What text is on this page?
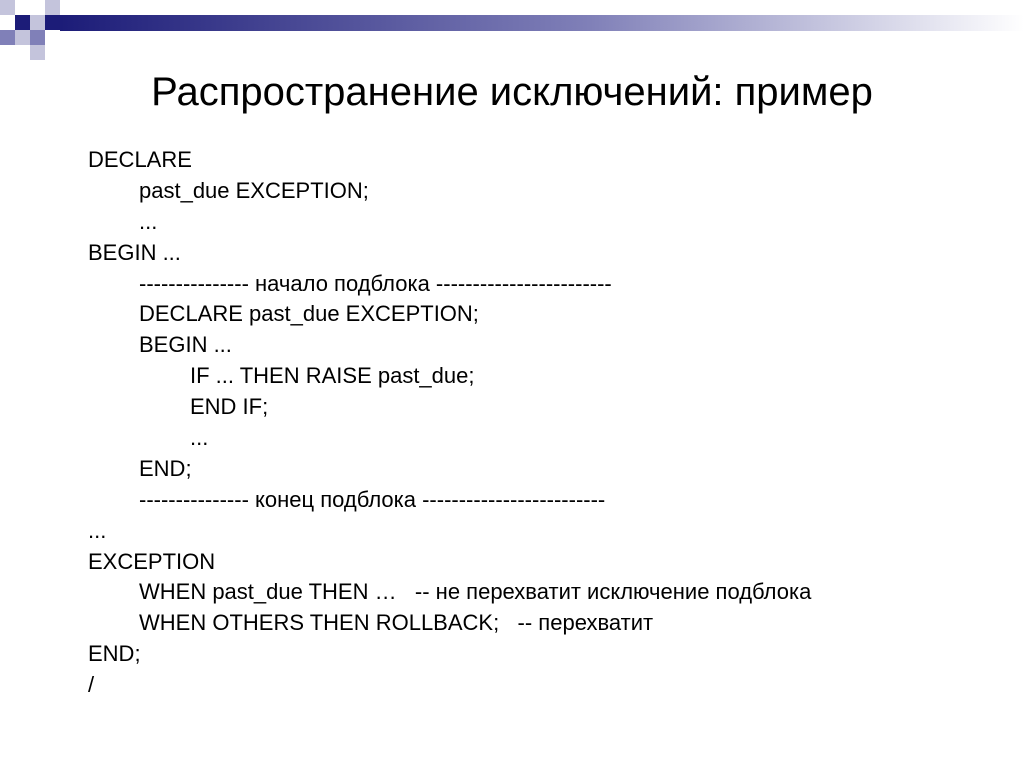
Распространение исключений: пример
DECLARE
past_due EXCEPTION;
...
BEGIN ...
--------------- начало подблока ------------------------
DECLARE past_due EXCEPTION;
BEGIN ...
IF ... THEN RAISE past_due;
END IF;
...
END;
--------------- конец подблока -------------------------
...
EXCEPTION
WHEN past_due THEN …   -- не перехватит исключение подблока
WHEN OTHERS THEN ROLLBACK;   -- перехватит
END;
/
